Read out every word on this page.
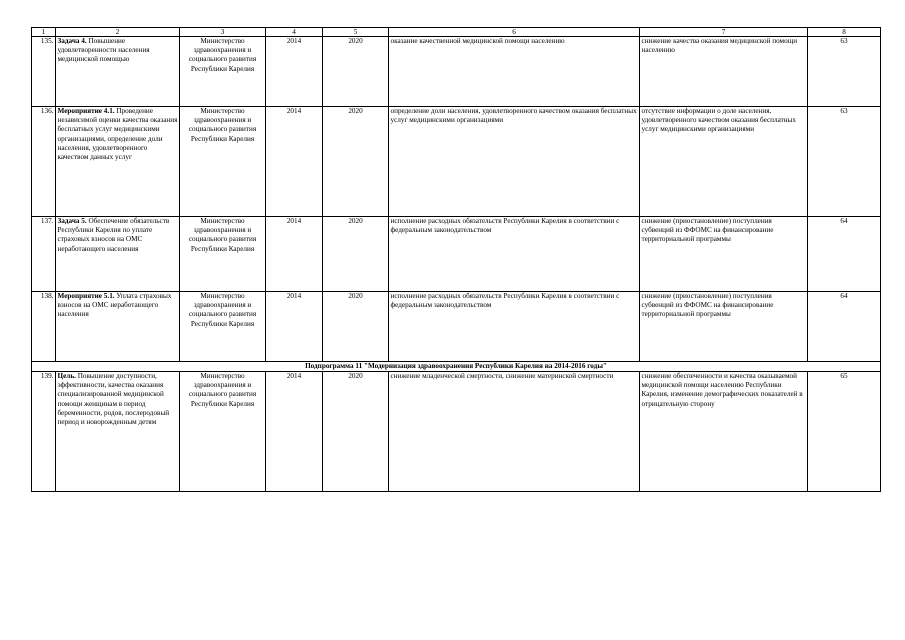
1	2	3	4	5	6	7	8
135.	Задача 4. Повышение удовлетворенности населения медицинской помощью	Министерство здравоохранения и социального развития Республики Карелия	2014	2020	оказание качественной медицинской помощи населению	снижение качества оказания медицинской помощи населению	63
136.	Мероприятие 4.1. Проведение независимой оценки качества оказания бесплатных услуг медицинскими организациями, определение доли населения, удовлетворенного качеством данных услуг	Министерство здравоохранения и социального развития Республики Карелия	2014	2020	определение доли населения, удовлетворенного качеством оказания бесплатных услуг медицинскими организациями	отсутствие информации о доле населения, удовлетворенного качеством оказания бесплатных услуг медицинскими организациями	63
137.	Задача 5. Обеспечение обязательств Республики Карелия по уплате страховых взносов на ОМС неработающего населения	Министерство здравоохранения и социального развития Республики Карелия	2014	2020	исполнение расходных обязательств Республики Карелия в соответствии с федеральным законодательством	снижение (приостановление) поступления субвенций из ФФОМС на финансирование территориальной программы	64
138.	Мероприятие 5.1. Уплата страховых взносов на ОМС неработающего населения	Министерство здравоохранения и социального развития Республики Карелия	2014	2020	исполнение расходных обязательств Республики Карелия в соответствии с федеральным законодательством	снижение (приостановление) поступления субвенций из ФФОМС на финансирование территориальной программы	64
Подпрограмма 11 "Модернизация здравоохранения Республики Карелия на 2014-2016 годы"							
139.	Цель. Повышение доступности, эффективности, качества оказания специализированной медицинской помощи женщинам в период беременности, родов, послеродовый период и новорожденным детям	Министерство здравоохранения и социального развития Республики Карелия	2014	2020	снижение младенческой смертности, снижение материнской смертности	снижение обеспеченности и качества оказываемой медицинской помощи населению Республики Карелия, изменение демографических показателей в отрицательную сторону	65
